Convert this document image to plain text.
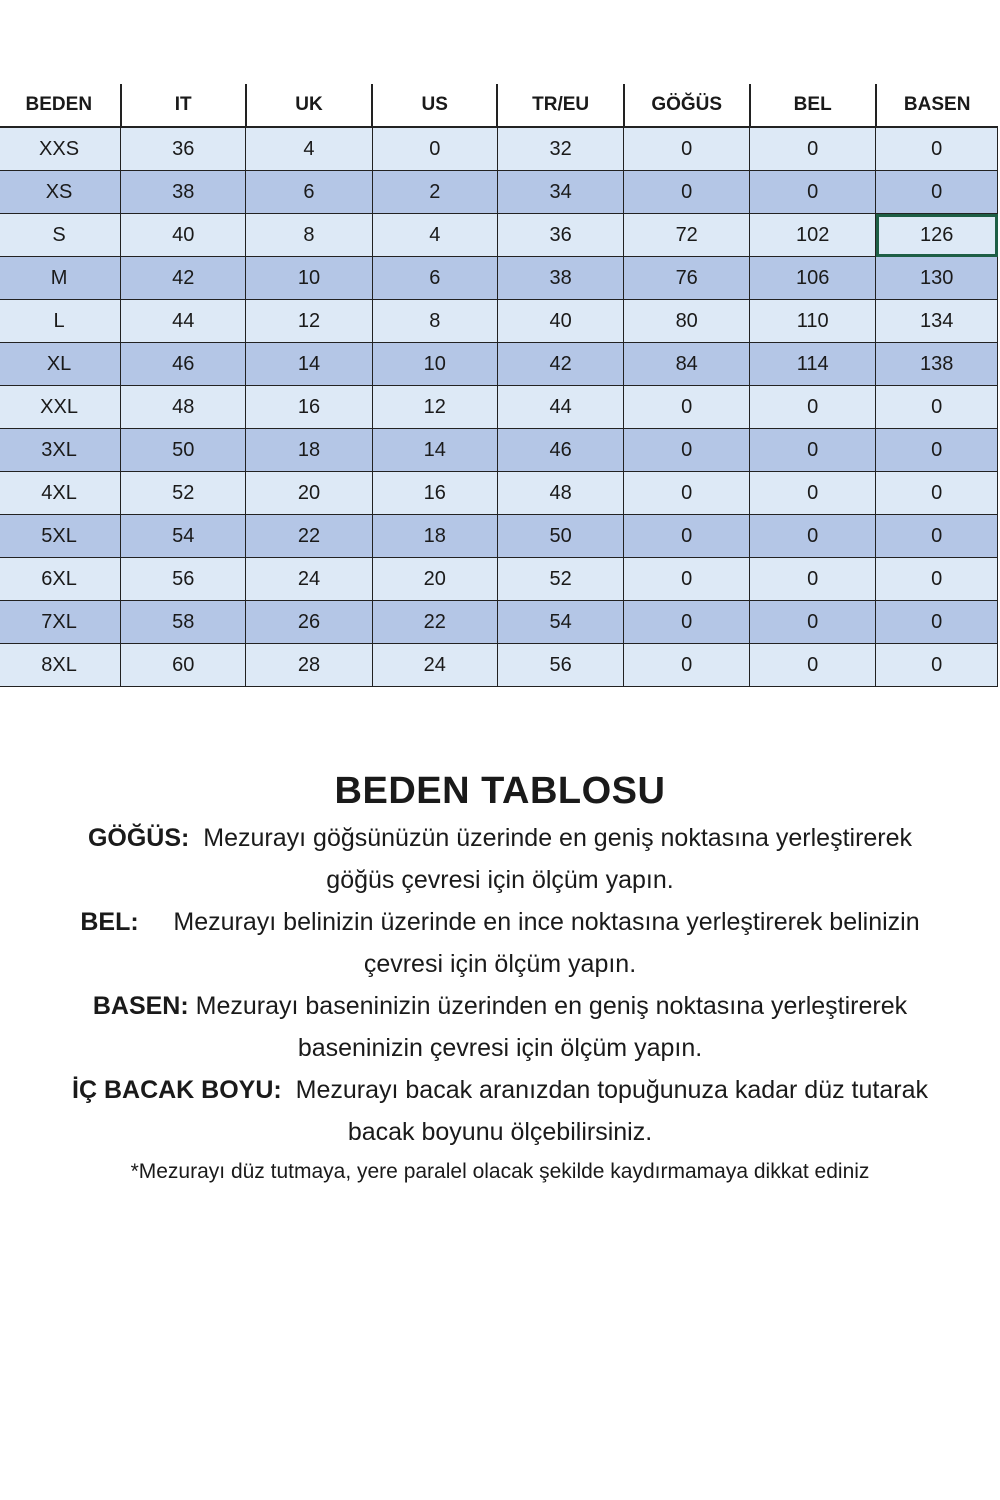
BEDEN	IT	UK	US	TR/EU	GÖĞÜS	BEL	BASEN
XXS	36	4	0	32	0	0	0
XS	38	6	2	34	0	0	0
S	40	8	4	36	72	102	126
M	42	10	6	38	76	106	130
L	44	12	8	40	80	110	134
XL	46	14	10	42	84	114	138
XXL	48	16	12	44	0	0	0
3XL	50	18	14	46	0	0	0
4XL	52	20	16	48	0	0	0
5XL	54	22	18	50	0	0	0
6XL	56	24	20	52	0	0	0
7XL	58	26	22	54	0	0	0
8XL	60	28	24	56	0	0	0
BEDEN TABLOSU

GÖĞÜS: Mezurayı göğsünüzün üzerinde en geniş noktasına yerleştirerek
göğüs çevresi için ölçüm yapın.

BEL: Mezurayı belinizin üzerinde en ince noktasına yerleştirerek belinizin
çevresi için ölçüm yapın.

BASEN: Mezurayı baseninizin üzerinden en geniş noktasına yerleştirerek
baseninizin çevresi için ölçüm yapın.

İÇ BACAK BOYU: Mezurayı bacak aranızdan topuğunuza kadar düz tutarak
bacak boyunu ölçebilirsiniz.

*Mezurayı düz tutmaya, yere paralel olacak şekilde kaydırmamaya dikkat ediniz
